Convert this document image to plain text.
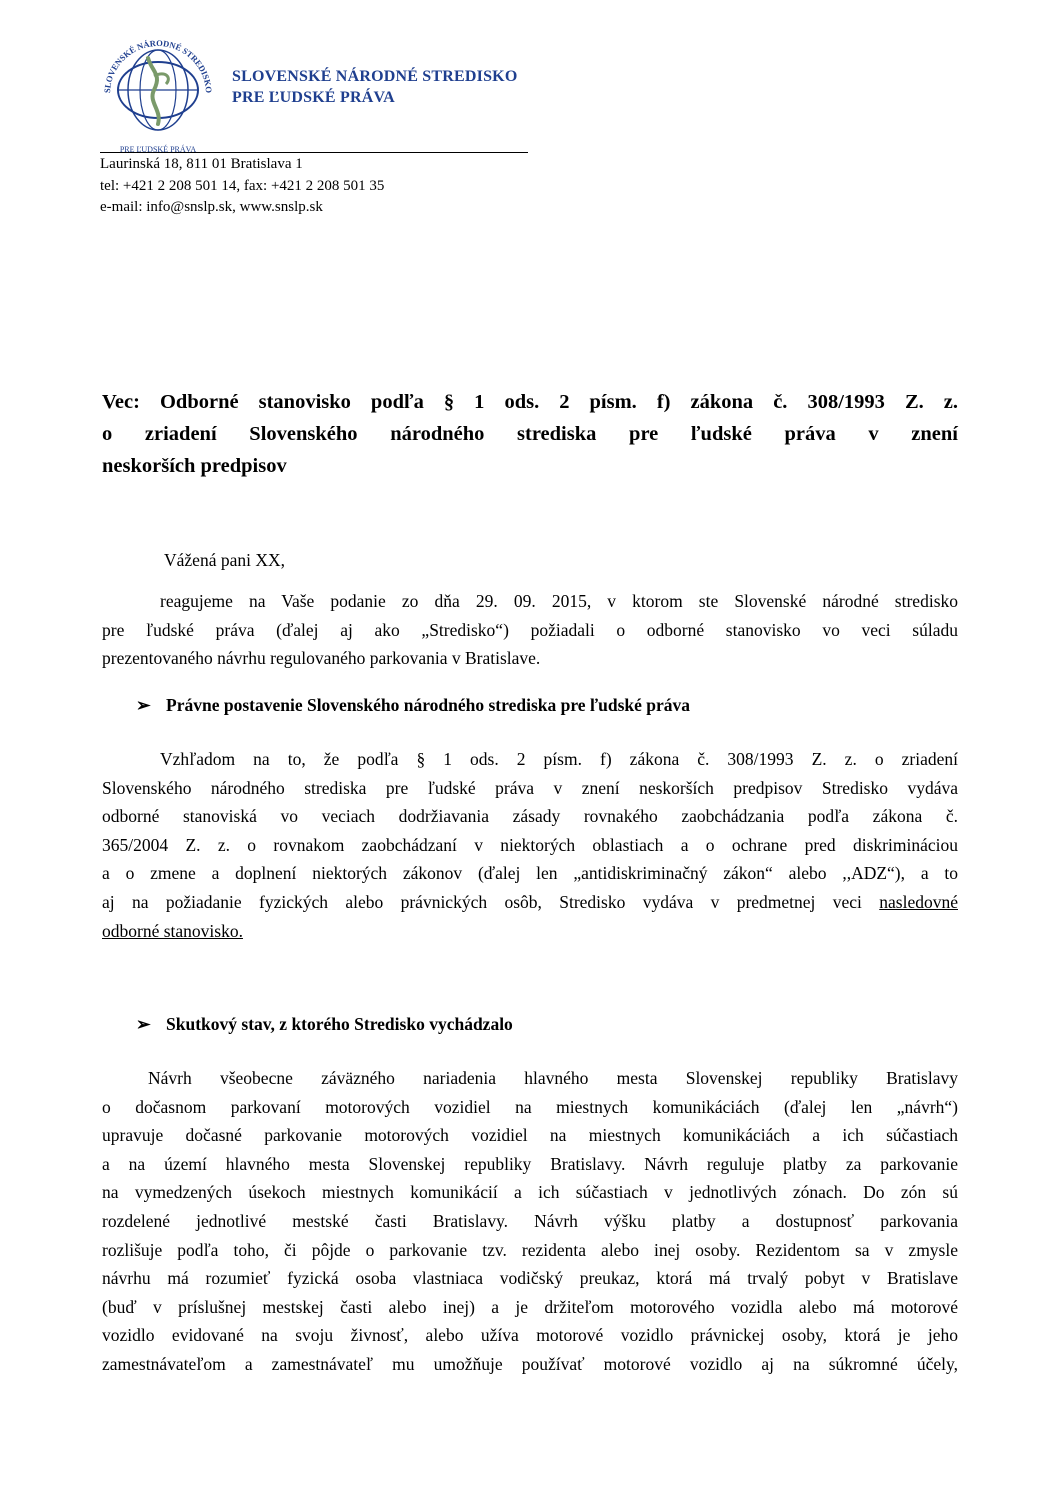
SLOVENSKÉ NÁRODNÉ STREDISKO
PRE ĽUDSKÉ PRÁVA
SLOVENSKÉ NÁRODNÉ STREDISKO
PRE ĽUDSKÉ PRÁVA
Laurinská 18, 811 01 Bratislava 1
tel: +421 2 208 501 14, fax: +421 2 208 501 35
e-mail: info@snslp.sk, www.snslp.sk
Vec: Odborné stanovisko podľa § 1 ods. 2 písm. f) zákona č. 308/1993 Z. z.
o zriadení Slovenského národného strediska pre ľudské práva v znení
neskorších predpisov
Vážená pani XX,
reagujeme na Vaše podanie zo dňa 29. 09. 2015, v ktorom ste Slovenské národné stredisko
pre ľudské práva (ďalej aj ako „Stredisko“) požiadali o odborné stanovisko vo veci súladu
prezentovaného návrhu regulovaného parkovania v Bratislave.
➢ Právne postavenie Slovenského národného strediska pre ľudské práva
Vzhľadom na to, že podľa § 1 ods. 2 písm. f) zákona č. 308/1993 Z. z. o zriadení
Slovenského národného strediska pre ľudské práva v znení neskorších predpisov Stredisko vydáva
odborné stanoviská vo veciach dodržiavania zásady rovnakého zaobchádzania podľa zákona č.
365/2004 Z. z. o rovnakom zaobchádzaní v niektorých oblastiach a o ochrane pred diskrimináciou
a o zmene a doplnení niektorých zákonov (ďalej len „antidiskriminačný zákon“ alebo ,,ADZ“), a to
aj na požiadanie fyzických alebo právnických osôb, Stredisko vydáva v predmetnej veci nasledovné
odborné stanovisko.
➢ Skutkový stav, z ktorého Stredisko vychádzalo
Návrh všeobecne záväzného nariadenia hlavného mesta Slovenskej republiky Bratislavy
o dočasnom parkovaní motorových vozidiel na miestnych komunikáciách (ďalej len „návrh“)
upravuje dočasné parkovanie motorových vozidiel na miestnych komunikáciách a ich súčastiach
a na území hlavného mesta Slovenskej republiky Bratislavy. Návrh reguluje platby za parkovanie
na vymedzených úsekoch miestnych komunikácií a ich súčastiach v jednotlivých zónach. Do zón sú
rozdelené jednotlivé mestské časti Bratislavy. Návrh výšku platby a dostupnosť parkovania
rozlišuje podľa toho, či pôjde o parkovanie tzv. rezidenta alebo inej osoby. Rezidentom sa v zmysle
návrhu má rozumieť fyzická osoba vlastniaca vodičský preukaz, ktorá má trvalý pobyt v Bratislave
(buď v príslušnej mestskej časti alebo inej) a je držiteľom motorového vozidla alebo má motorové
vozidlo evidované na svoju živnosť, alebo užíva motorové vozidlo právnickej osoby, ktorá je jeho
zamestnávateľom a zamestnávateľ mu umožňuje používať motorové vozidlo aj na súkromné účely,
